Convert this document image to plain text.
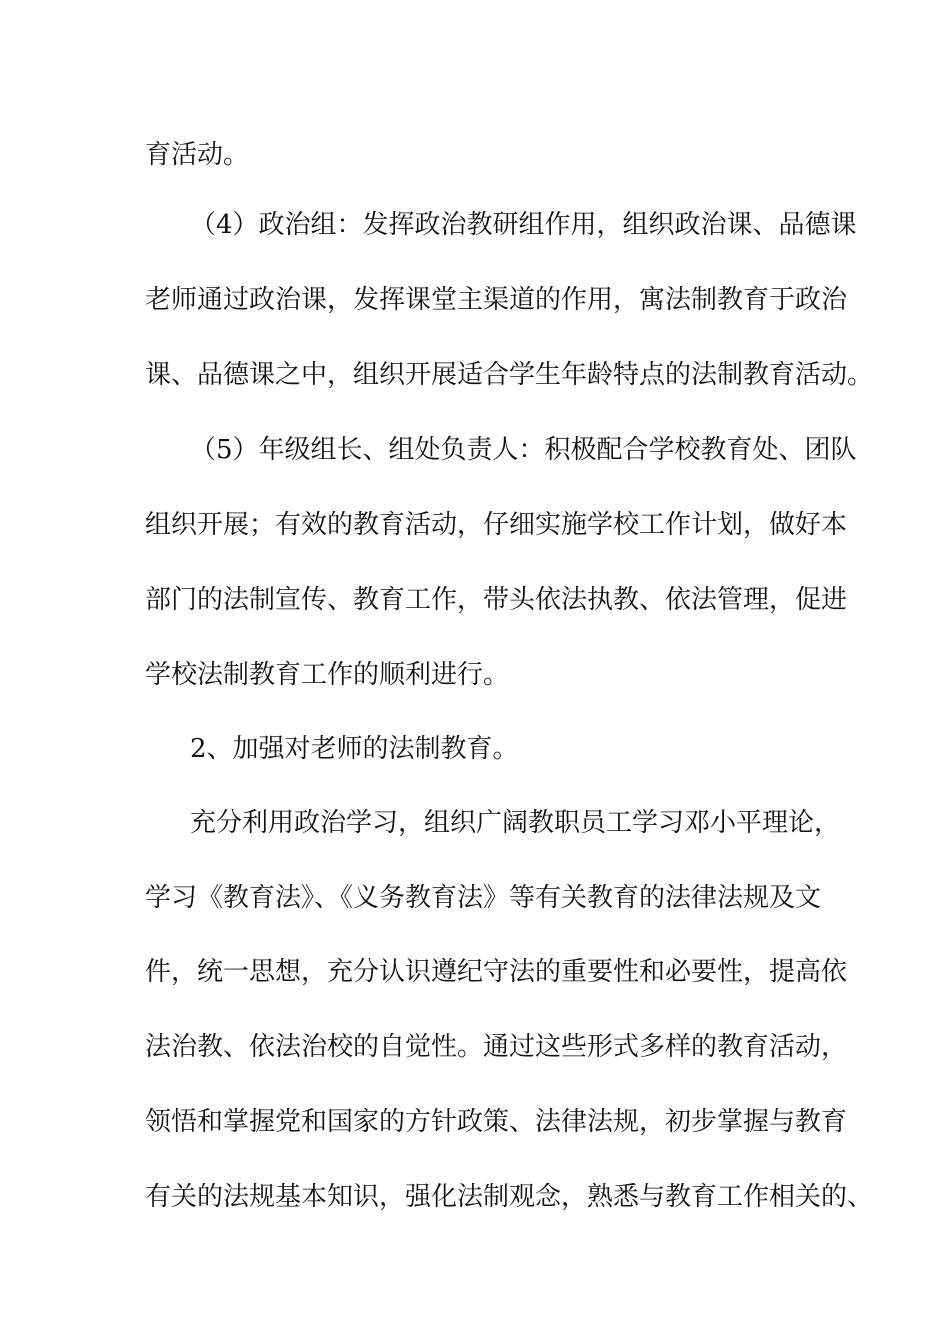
育活动。
（4）政治组：发挥政治教研组作用，组织政治课、品德课
老师通过政治课，发挥课堂主渠道的作用，寓法制教育于政治
课、品德课之中，组织开展适合学生年龄特点的法制教育活动。
（5）年级组长、组处负责人：积极配合学校教育处、团队
组织开展；有效的教育活动，仔细实施学校工作计划，做好本
部门的法制宣传、教育工作，带头依法执教、依法管理，促进
学校法制教育工作的顺利进行。
2、加强对老师的法制教育。
充分利用政治学习，组织广阔教职员工学习邓小平理论，
学习《教育法》、《义务教育法》等有关教育的法律法规及文
件，统一思想，充分认识遵纪守法的重要性和必要性，提高依
法治教、依法治校的自觉性。通过这些形式多样的教育活动，
领悟和掌握党和国家的方针政策、法律法规，初步掌握与教育
有关的法规基本知识，强化法制观念，熟悉与教育工作相关的、
